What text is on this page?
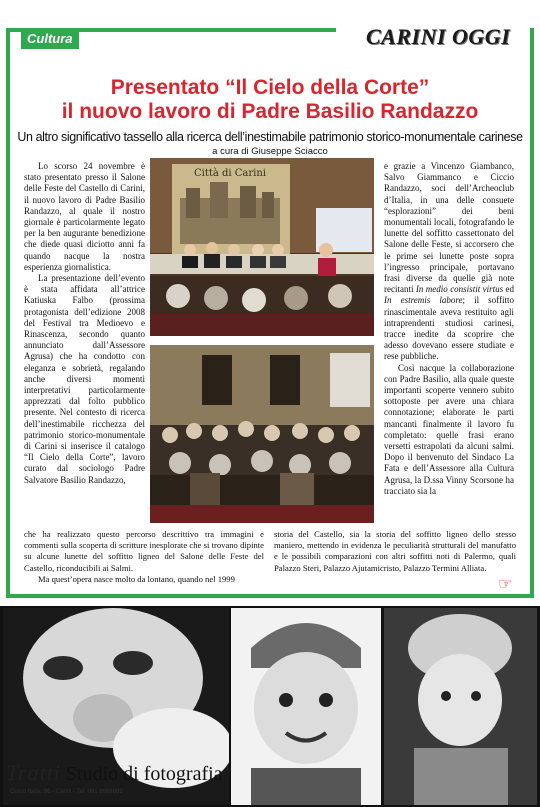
Cultura	CARINI OGGI
Presentato “Il Cielo della Corte”
il nuovo lavoro di Padre Basilio Randazzo
Un altro significativo tassello alla ricerca dell’inestimabile patrimonio storico-monumentale carinese
a cura di Giuseppe Sciacco

Lo scorso 24 novembre è stato presentato presso il Salone delle Feste del Castello di Carini, il nuovo lavoro di Padre Basilio Randazzo, al quale il nostro giornale è particolarmente legato per la ben augurante benedizione che diede quasi diciotto anni fa quando nacque la nostra esperienza giornalistica.

La presentazione dell’evento è stata affidata all’attrice Katiuska Falbo (prossima protagonista dell’edizione 2008 del Festival tra Medioevo e Rinascenza, secondo quanto annunciato dall’Assessore Agrusa) che ha condotto con eleganza e sobrietà, regalando anche diversi momenti interpretativi particolarmente apprezzati dal folto pubblico presente. Nel contesto di ricerca dell’inestimabile ricchezza del patrimonio storico-monumentale di Carini si inserisce il catalogo “Il Cielo della Corte”, lavoro curato dal sociologo Padre Salvatore Basilio Randazzo,

Città di Carini

e grazie a Vincenzo Giambanco, Salvo Giammanco e Ciccio Randazzo, soci dell’Archeoclub d’Italia, in una delle consuete “esplorazioni” dei beni monumentali locali, fotografando le lunette del soffitto cassettonato del Salone delle Feste, si accorsero che le prime sei lunette poste sopra l’ingresso principale, portavano frasi diverse da quelle già note recitanti In medio consistit virtus ed In estremis labore; il soffitto rinascimentale aveva restituito agli intraprendenti studiosi carinesi, tracce inedite da scoprire che adesso dovevano essere studiate e rese pubbliche.

Così nacque la collaborazione con Padre Basilio, alla quale queste importanti scoperte vennero subito sottoposte per avere una chiara connotazione; elaborate le parti mancanti finalmente il lavoro fu completato: quelle frasi erano versetti estrapolati da alcuni salmi. Dopo il benvenuto del Sindaco La Fata e dell’Assessore alla Cultura Agrusa, la D.ssa Vinny Scorsone ha tracciato sia la

che ha realizzato questo percorso descrittivo tra immagini e commenti sulla scoperta di scritture inesplorate che si trovano dipinte su alcune lunette del soffitto ligneo del Salone delle Feste del Castello, riconducibili ai Salmi.

Ma quest’opera nasce molto da lontano, quando nel 1999

storia del Castello, sia la storia del soffitto ligneo dello stesso maniero, mettendo in evidenza le peculiarità strutturali del manufatto e le possibili comparazioni con altri soffitti noti di Palermo, quali Palazzo Steri, Palazzo Ajutamicristo, Palazzo Termini Alliata.

☞
Tratti Studio di fotografia
Corso Italia, 86 - Carini - Tel. 091 8688889
